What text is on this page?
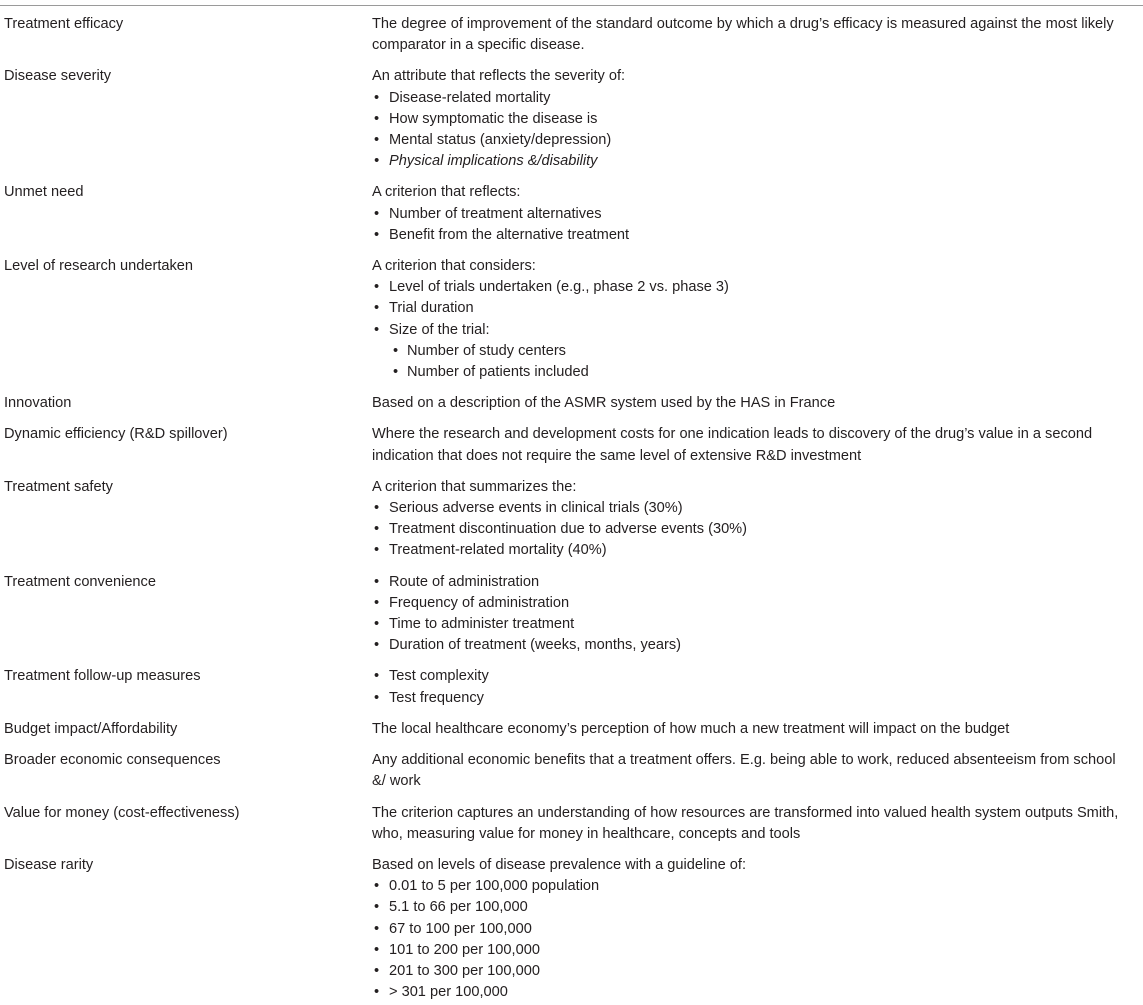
Treatment efficacy	The degree of improvement of the standard outcome by which a drug’s efficacy is measured against the most likely comparator in a specific disease.
Disease severity	An attribute that reflects the severity of:
• Disease-related mortality
• How symptomatic the disease is
• Mental status (anxiety/depression)
• Physical implications &/disability
Unmet need	A criterion that reflects:
• Number of treatment alternatives
• Benefit from the alternative treatment
Level of research undertaken	A criterion that considers:
• Level of trials undertaken (e.g., phase 2 vs. phase 3)
• Trial duration
• Size of the trial:
• Number of study centers
• Number of patients included
Innovation	Based on a description of the ASMR system used by the HAS in France
Dynamic efficiency (R&D spillover)	Where the research and development costs for one indication leads to discovery of the drug’s value in a second indication that does not require the same level of extensive R&D investment
Treatment safety	A criterion that summarizes the:
• Serious adverse events in clinical trials (30%)
• Treatment discontinuation due to adverse events (30%)
• Treatment-related mortality (40%)
Treatment convenience	• Route of administration
• Frequency of administration
• Time to administer treatment
• Duration of treatment (weeks, months, years)
Treatment follow-up measures	• Test complexity
• Test frequency
Budget impact/Affordability	The local healthcare economy’s perception of how much a new treatment will impact on the budget
Broader economic consequences	Any additional economic benefits that a treatment offers. E.g. being able to work, reduced absenteeism from school &/ work
Value for money (cost-effectiveness)	The criterion captures an understanding of how resources are transformed into valued health system outputs Smith, who, measuring value for money in healthcare, concepts and tools
Disease rarity	Based on levels of disease prevalence with a guideline of:
• 0.01 to 5 per 100,000 population
• 5.1 to 66 per 100,000
• 67 to 100 per 100,000
• 101 to 200 per 100,000
• 201 to 300 per 100,000
• > 301 per 100,000
